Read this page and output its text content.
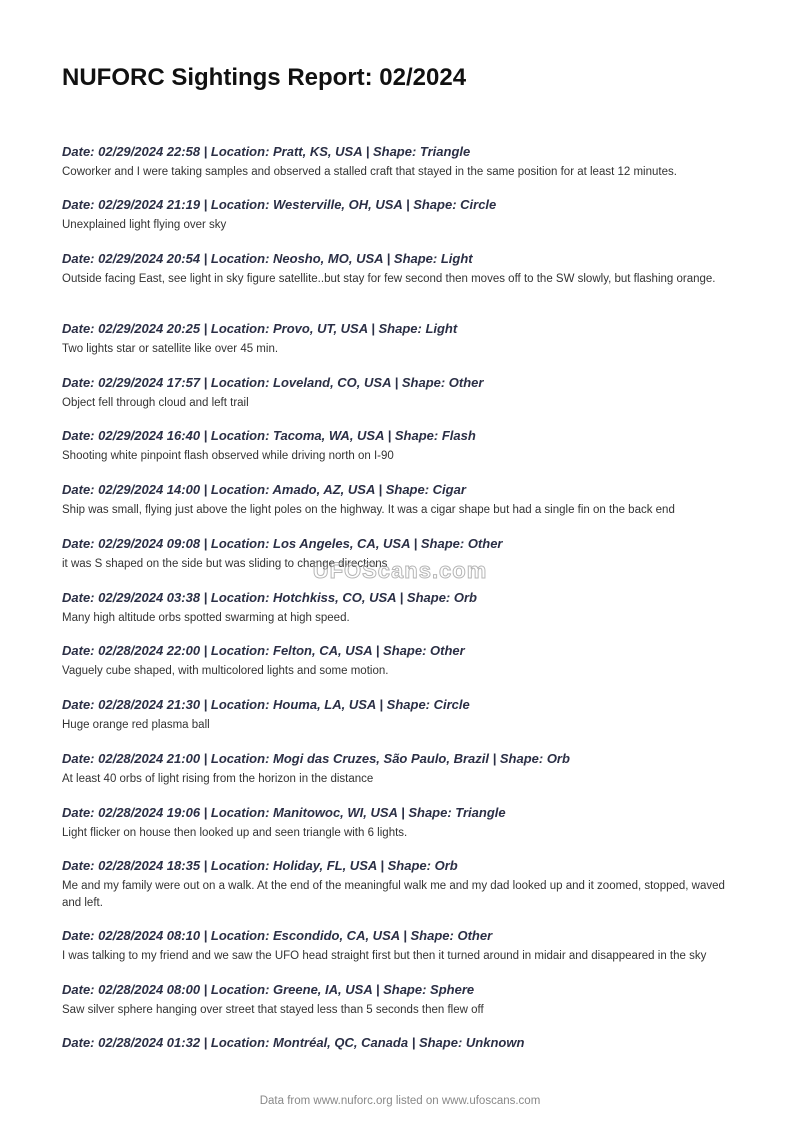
NUFORC Sightings Report: 02/2024
Date: 02/29/2024 22:58 | Location: Pratt, KS, USA | Shape: Triangle
Coworker and I were taking samples and observed a stalled craft that stayed in the same position for at least 12 minutes.
Date: 02/29/2024 21:19 | Location: Westerville, OH, USA | Shape: Circle
Unexplained light flying over sky
Date: 02/29/2024 20:54 | Location: Neosho, MO, USA | Shape: Light
Outside facing East, see light in sky figure satellite..but stay for few second then moves off to the SW slowly, but flashing orange.
Date: 02/29/2024 20:25 | Location: Provo, UT, USA | Shape: Light
Two lights star or satellite like over 45 min.
Date: 02/29/2024 17:57 | Location: Loveland, CO, USA | Shape: Other
Object fell through cloud and left trail
Date: 02/29/2024 16:40 | Location: Tacoma, WA, USA | Shape: Flash
Shooting white pinpoint flash observed while driving north on I-90
Date: 02/29/2024 14:00 | Location: Amado, AZ, USA | Shape: Cigar
Ship was small, flying just above the light poles on the highway. It was a cigar shape but had a single fin on the back end
Date: 02/29/2024 09:08 | Location: Los Angeles, CA, USA | Shape: Other
it was S shaped on the side but was sliding to change directions
Date: 02/29/2024 03:38 | Location: Hotchkiss, CO, USA | Shape: Orb
Many high altitude orbs spotted swarming at high speed.
Date: 02/28/2024 22:00 | Location: Felton, CA, USA | Shape: Other
Vaguely cube shaped, with multicolored lights and some motion.
Date: 02/28/2024 21:30 | Location: Houma, LA, USA | Shape: Circle
Huge orange red plasma ball
Date: 02/28/2024 21:00 | Location: Mogi das Cruzes, São Paulo, Brazil | Shape: Orb
At least 40 orbs of light rising from the horizon in the distance
Date: 02/28/2024 19:06 | Location: Manitowoc, WI, USA | Shape: Triangle
Light flicker on house then looked up and seen triangle with 6 lights.
Date: 02/28/2024 18:35 | Location: Holiday, FL, USA | Shape: Orb
Me and my family were out on a walk. At the end of the meaningful walk me and my dad looked up and it zoomed, stopped, waved and left.
Date: 02/28/2024 08:10 | Location: Escondido, CA, USA | Shape: Other
I was talking to my friend and we saw the UFO head straight first but then it turned around in midair and disappeared in the sky
Date: 02/28/2024 08:00 | Location: Greene, IA, USA | Shape: Sphere
Saw silver sphere hanging over street that stayed less than 5 seconds then flew off
Date: 02/28/2024 01:32 | Location: Montréal, QC, Canada | Shape: Unknown
UFOScans.com
Data from www.nuforc.org listed on www.ufoscans.com
